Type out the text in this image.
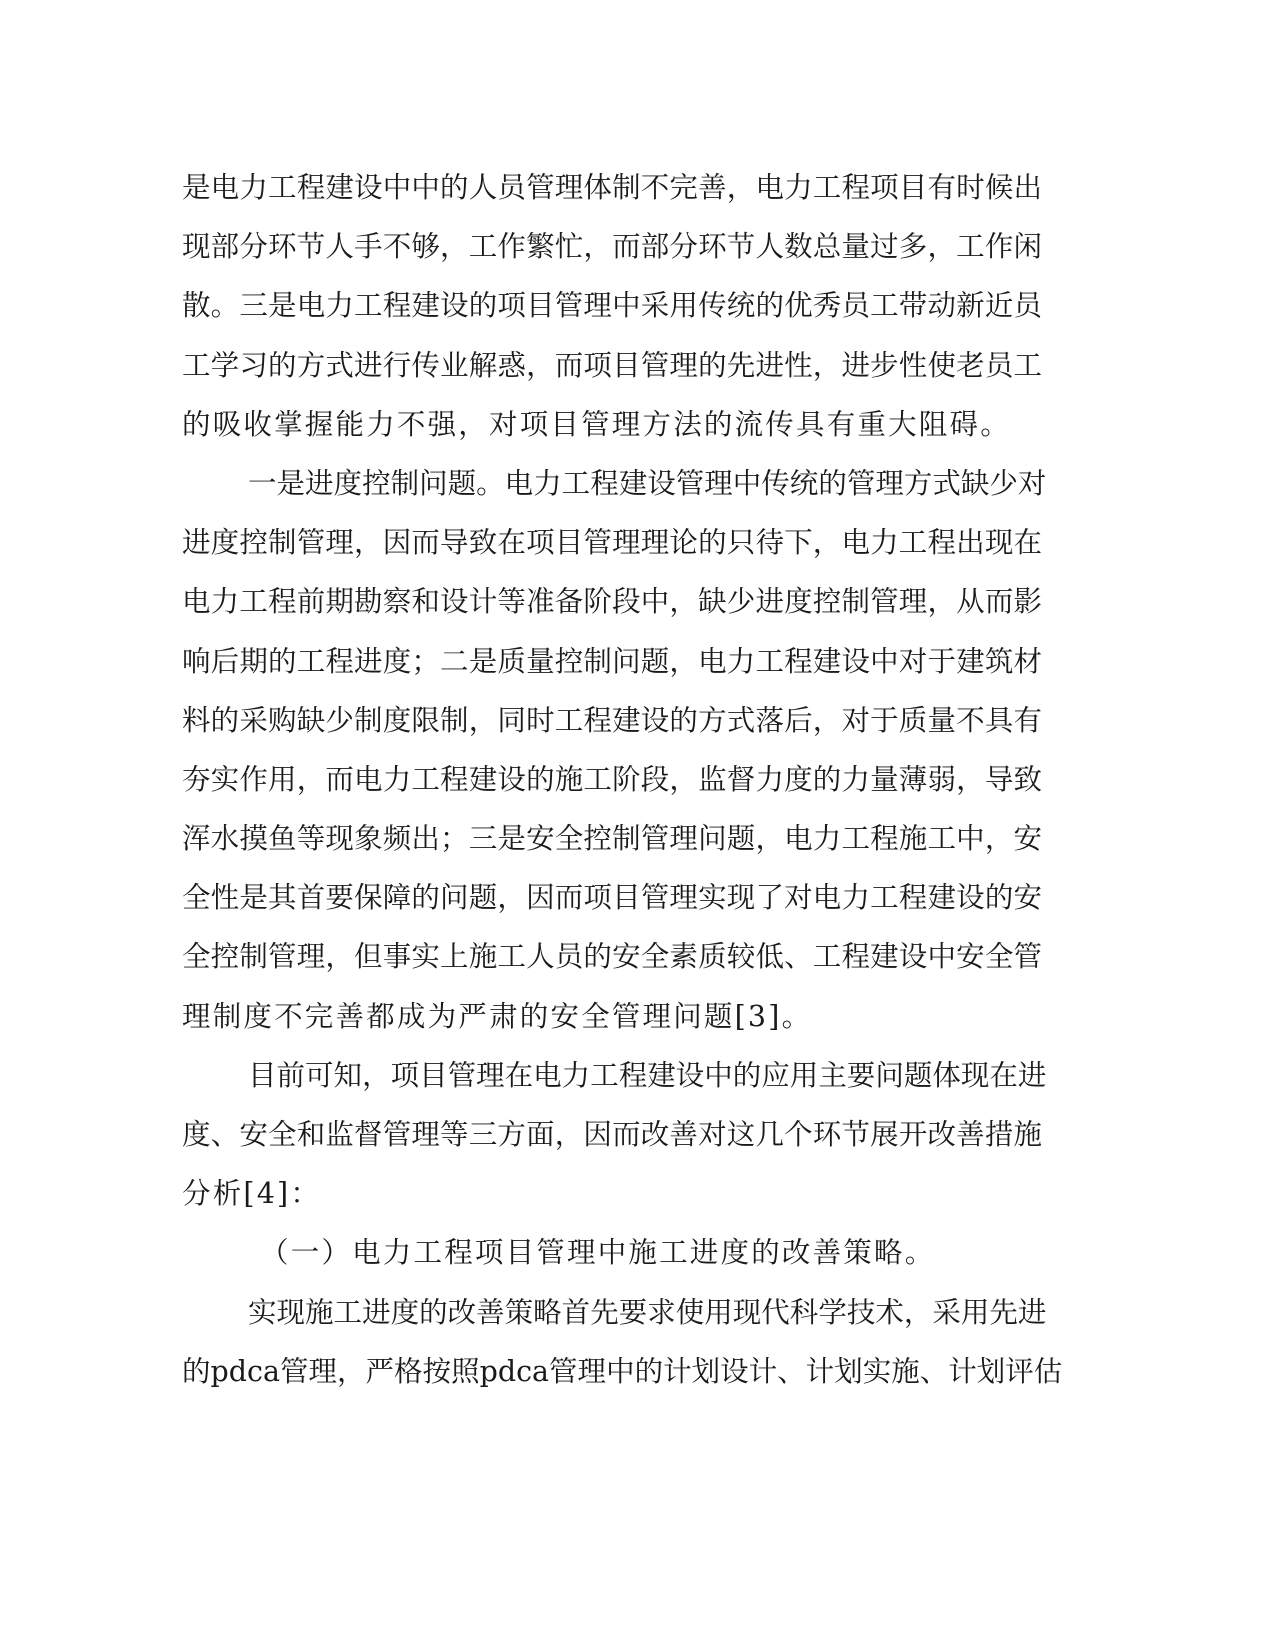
是 电 力 工 程 建 设 中 中 的 人 员 管 理 体 制 不 完 善 ， 电 力 工 程 项 目 有 时 候 出
现 部 分 环 节 人 手 不 够 ， 工 作 繁 忙 ， 而 部 分 环 节 人 数 总 量 过 多 ， 工 作 闲
散 。 三 是 电 力 工 程 建 设 的 项 目 管 理 中 采 用 传 统 的 优 秀 员 工 带 动 新 近 员
工 学 习 的 方 式 进 行 传 业 解 惑 ， 而 项 目 管 理 的 先 进 性 ， 进 步 性 使 老 员 工
的吸收掌握能力不强，对项目管理方法的流传具有重大阻碍。
一 是 进 度 控 制 问 题 。 电 力 工 程 建 设 管 理 中 传 统 的 管 理 方 式 缺 少 对
进 度 控 制 管 理 ， 因 而 导 致 在 项 目 管 理 理 论 的 只 待 下 ， 电 力 工 程 出 现 在
电 力 工 程 前 期 勘 察 和 设 计 等 准 备 阶 段 中 ， 缺 少 进 度 控 制 管 理 ， 从 而 影
响 后 期 的 工 程 进 度 ； 二 是 质 量 控 制 问 题 ， 电 力 工 程 建 设 中 对 于 建 筑 材
料 的 采 购 缺 少 制 度 限 制 ， 同 时 工 程 建 设 的 方 式 落 后 ， 对 于 质 量 不 具 有
夯 实 作 用 ， 而 电 力 工 程 建 设 的 施 工 阶 段 ， 监 督 力 度 的 力 量 薄 弱 ， 导 致
浑 水 摸 鱼 等 现 象 频 出 ； 三 是 安 全 控 制 管 理 问 题 ， 电 力 工 程 施 工 中 ， 安
全 性 是 其 首 要 保 障 的 问 题 ， 因 而 项 目 管 理 实 现 了 对 电 力 工 程 建 设 的 安
全 控 制 管 理 ， 但 事 实 上 施 工 人 员 的 安 全 素 质 较 低 、 工 程 建 设 中 安 全 管
理制度不完善都成为严肃的安全管理问题[3]。
目 前 可 知 ， 项 目 管 理 在 电 力 工 程 建 设 中 的 应 用 主 要 问 题 体 现 在 进
度 、 安 全 和 监 督 管 理 等 三 方 面 ， 因 而 改 善 对 这 几 个 环 节 展 开 改 善 措 施
分析[4]：
（一）电力工程项目管理中施工进度的改善策略。
实 现 施 工 进 度 的 改 善 策 略 首 先 要 求 使 用 现 代 科 学 技 术 ， 采 用 先 进
的 pdca 管 理 ， 严 格 按 照 pdca 管 理 中 的 计 划 设 计 、 计 划 实 施 、 计 划 评 估
